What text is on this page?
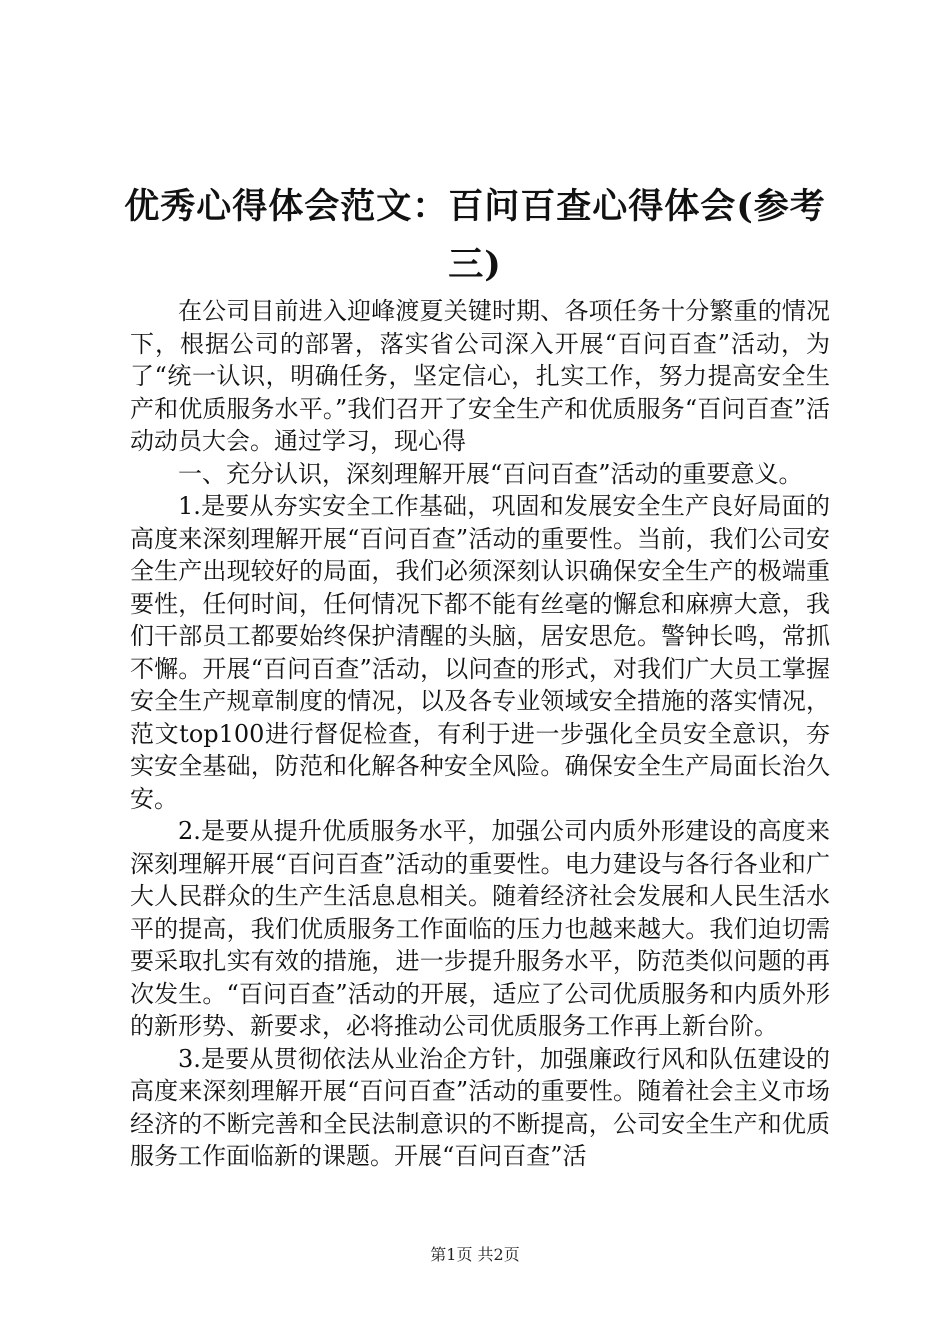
优秀心得体会范文：百问百查心得体会(参考三)

在公司目前进入迎峰渡夏关键时期、各项任务十分繁重的情况下，根据公司的部署，落实省公司深入开展“百问百查”活动，为了“统一认识，明确任务，坚定信心，扎实工作，努力提高安全生产和优质服务水平。”我们召开了安全生产和优质服务“百问百查”活动动员大会。通过学习，现心得

一、充分认识，深刻理解开展“百问百查”活动的重要意义。

1.是要从夯实安全工作基础，巩固和发展安全生产良好局面的高度来深刻理解开展“百问百查”活动的重要性。当前，我们公司安全生产出现较好的局面，我们必须深刻认识确保安全生产的极端重要性，任何时间，任何情况下都不能有丝毫的懈怠和麻痹大意，我们干部员工都要始终保护清醒的头脑，居安思危。警钟长鸣，常抓不懈。开展“百问百查”活动，以问查的形式，对我们广大员工掌握安全生产规章制度的情况，以及各专业领域安全措施的落实情况，范文top100进行督促检查，有利于进一步强化全员安全意识，夯实安全基础，防范和化解各种安全风险。确保安全生产局面长治久安。

2.是要从提升优质服务水平，加强公司内质外形建设的高度来深刻理解开展“百问百查”活动的重要性。电力建设与各行各业和广大人民群众的生产生活息息相关。随着经济社会发展和人民生活水平的提高，我们优质服务工作面临的压力也越来越大。我们迫切需要采取扎实有效的措施，进一步提升服务水平，防范类似问题的再次发生。“百问百查”活动的开展，适应了公司优质服务和内质外形的新形势、新要求，必将推动公司优质服务工作再上新台阶。

3.是要从贯彻依法从业治企方针，加强廉政行风和队伍建设的高度来深刻理解开展“百问百查”活动的重要性。随着社会主义市场经济的不断完善和全民法制意识的不断提高，公司安全生产和优质服务工作面临新的课题。开展“百问百查”活

第1页 共2页
